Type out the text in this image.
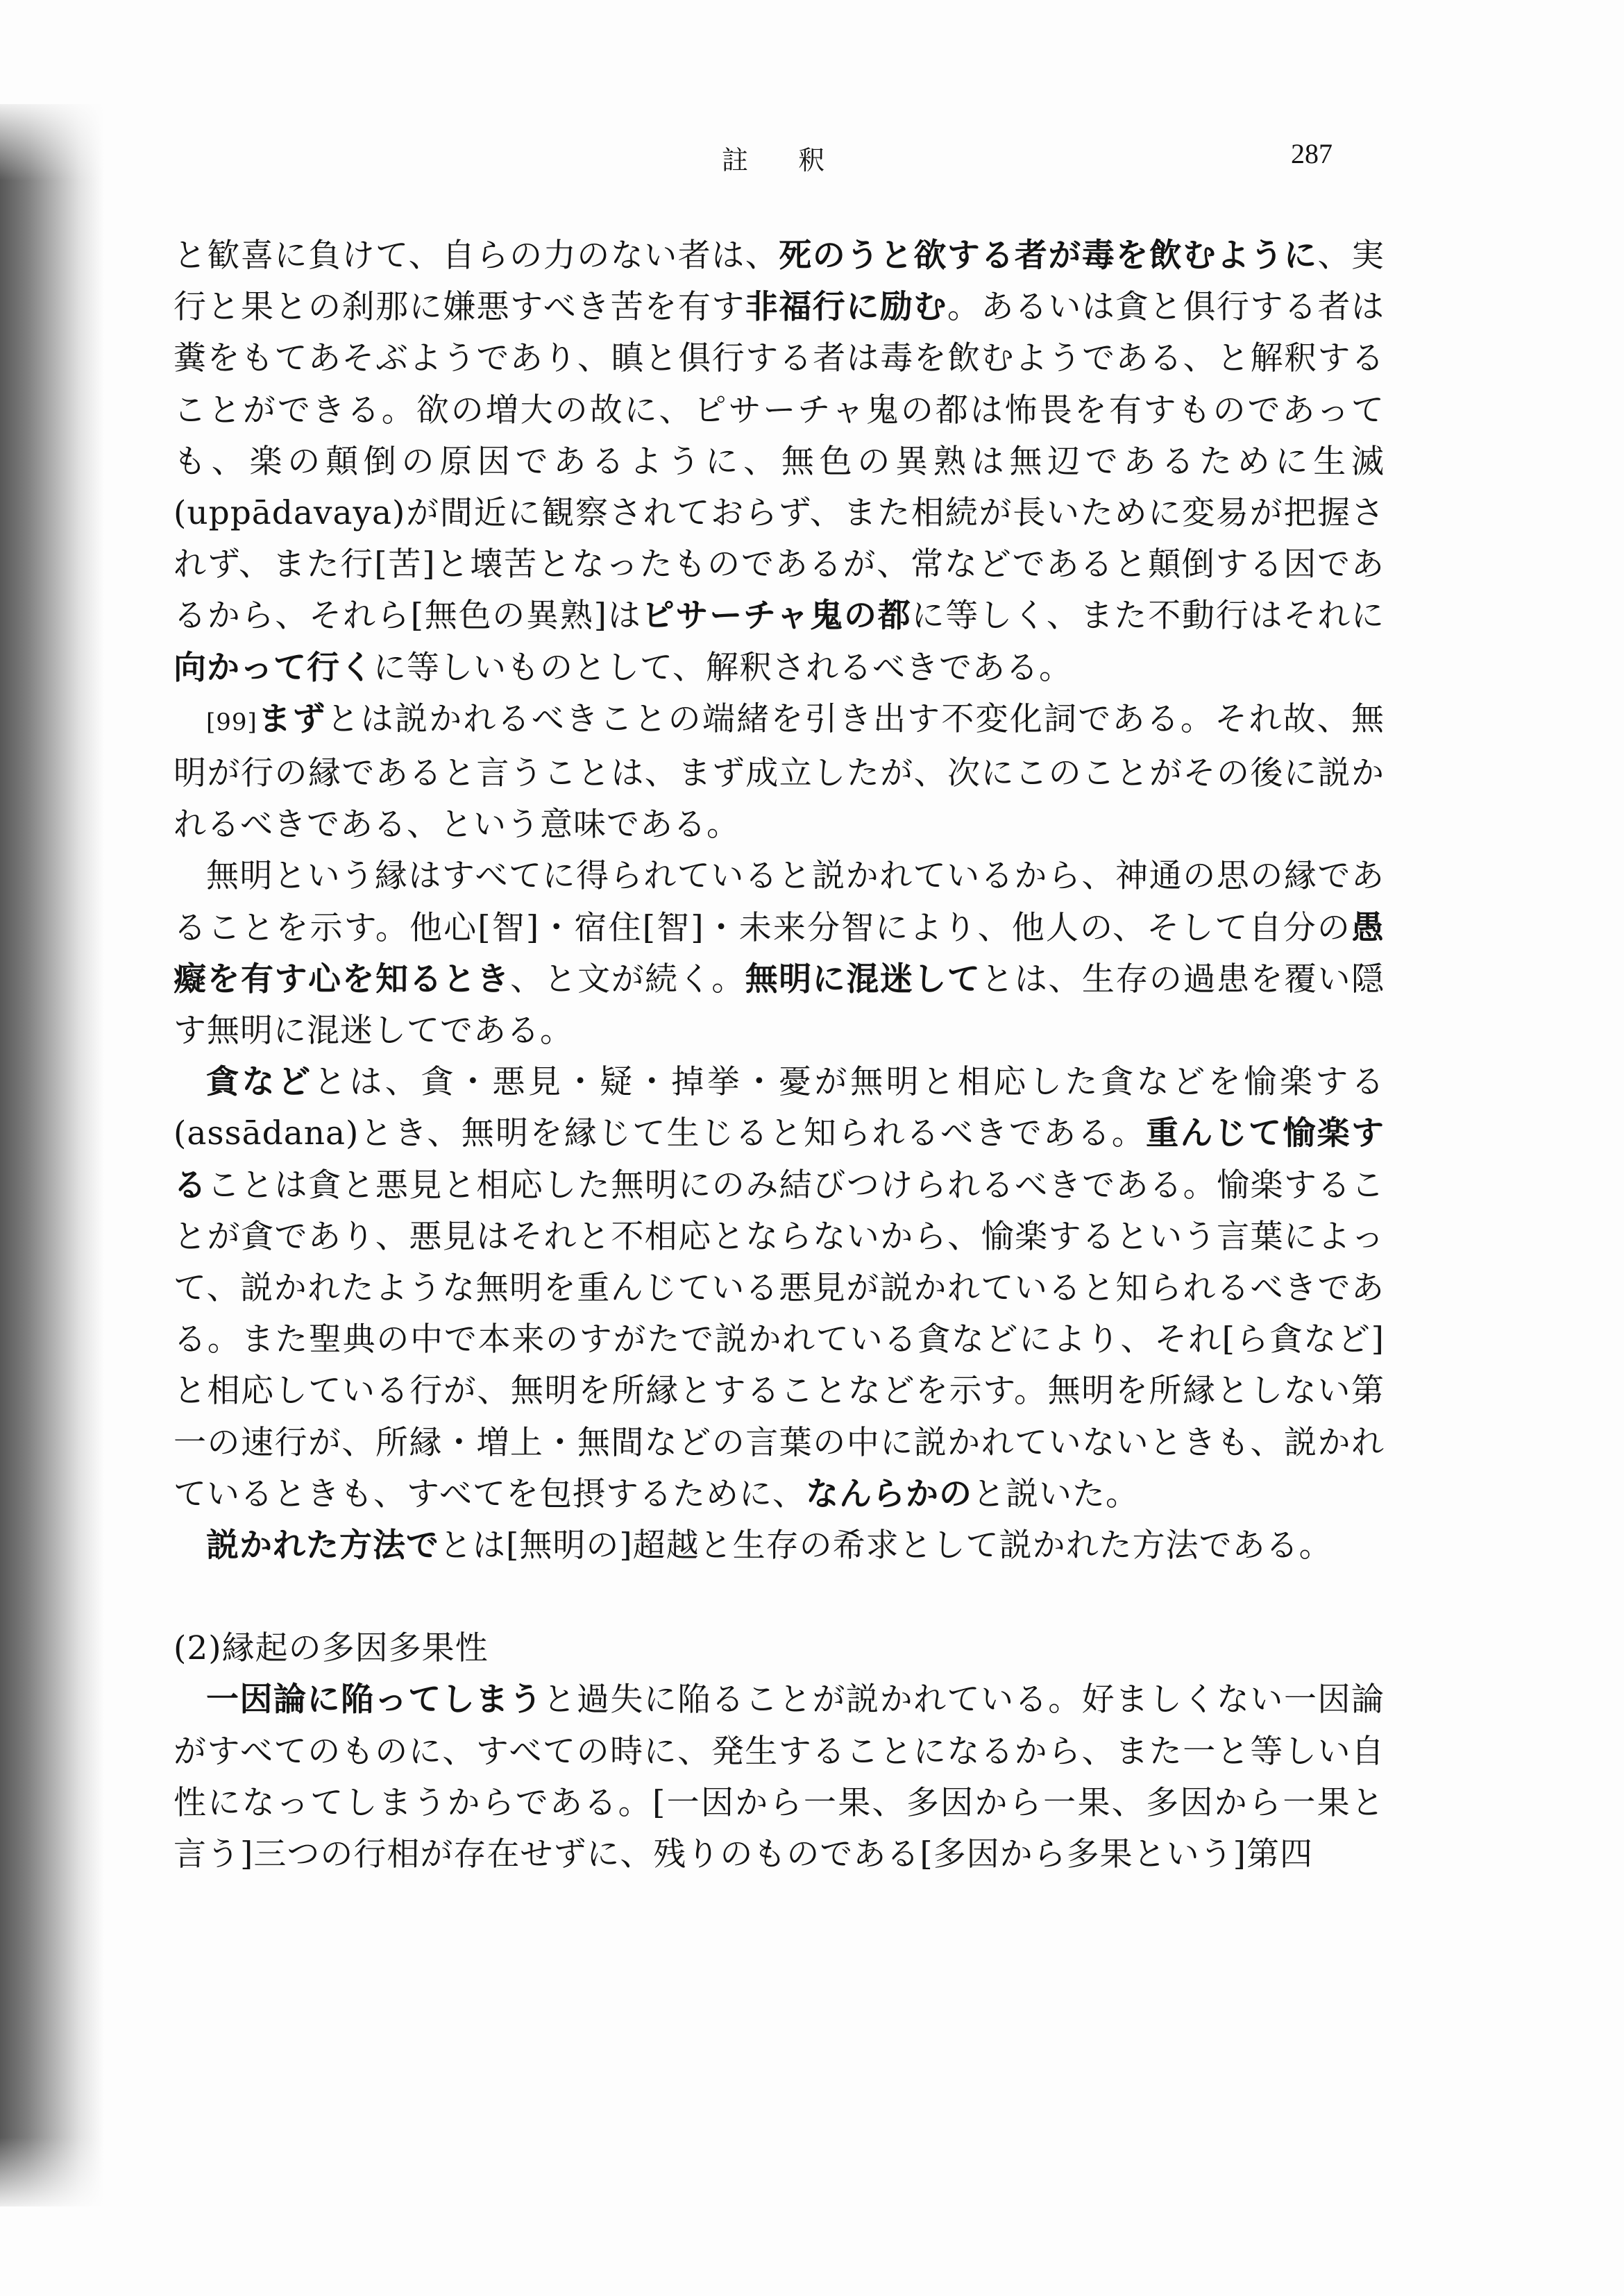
註 釈	287

と歓喜に負けて、自らの力のない者は、死のうと欲する者が毒を飲むように、実行と果との刹那に嫌悪すべき苦を有す非福行に励む。あるいは貪と俱行する者は糞をもてあそぶようであり、瞋と俱行する者は毒を飲むようである、と解釈することができる。欲の増大の故に、ピサーチャ鬼の都は怖畏を有すものであっても、楽の顛倒の原因であるように、無色の異熟は無辺であるために生滅(uppādavaya)が間近に観察されておらず、また相続が長いために変易が把握されず、また行[苦]と壊苦となったものであるが、常などであると顛倒する因であるから、それら[無色の異熟]はピサーチャ鬼の都に等しく、また不動行はそれに向かって行くに等しいものとして、解釈されるべきである。

[99]まずとは説かれるべきことの端緒を引き出す不変化詞である。それ故、無明が行の縁であると言うことは、まず成立したが、次にこのことがその後に説かれるべきである、という意味である。

無明という縁はすべてに得られていると説かれているから、神通の思の縁であることを示す。他心[智]・宿住[智]・未来分智により、他人の、そして自分の愚癡を有す心を知るとき、と文が続く。無明に混迷してとは、生存の過患を覆い隠す無明に混迷してである。

貪などとは、貪・悪見・疑・掉挙・憂が無明と相応した貪などを愉楽する(assādana)とき、無明を縁じて生じると知られるべきである。重んじて愉楽することは貪と悪見と相応した無明にのみ結びつけられるべきである。愉楽することが貪であり、悪見はそれと不相応とならないから、愉楽するという言葉によって、説かれたような無明を重んじている悪見が説かれていると知られるべきである。また聖典の中で本来のすがたで説かれている貪などにより、それ[ら貪など]と相応している行が、無明を所縁とすることなどを示す。無明を所縁としない第一の速行が、所縁・増上・無間などの言葉の中に説かれていないときも、説かれているときも、すべてを包摂するために、なんらかのと説いた。

説かれた方法でとは[無明の]超越と生存の希求として説かれた方法である。

(2)縁起の多因多果性

一因論に陥ってしまうと過失に陥ることが説かれている。好ましくない一因論がすべてのものに、すべての時に、発生することになるから、また一と等しい自性になってしまうからである。[一因から一果、多因から一果、多因から一果と言う]三つの行相が存在せずに、残りのものである[多因から多果という]第四
